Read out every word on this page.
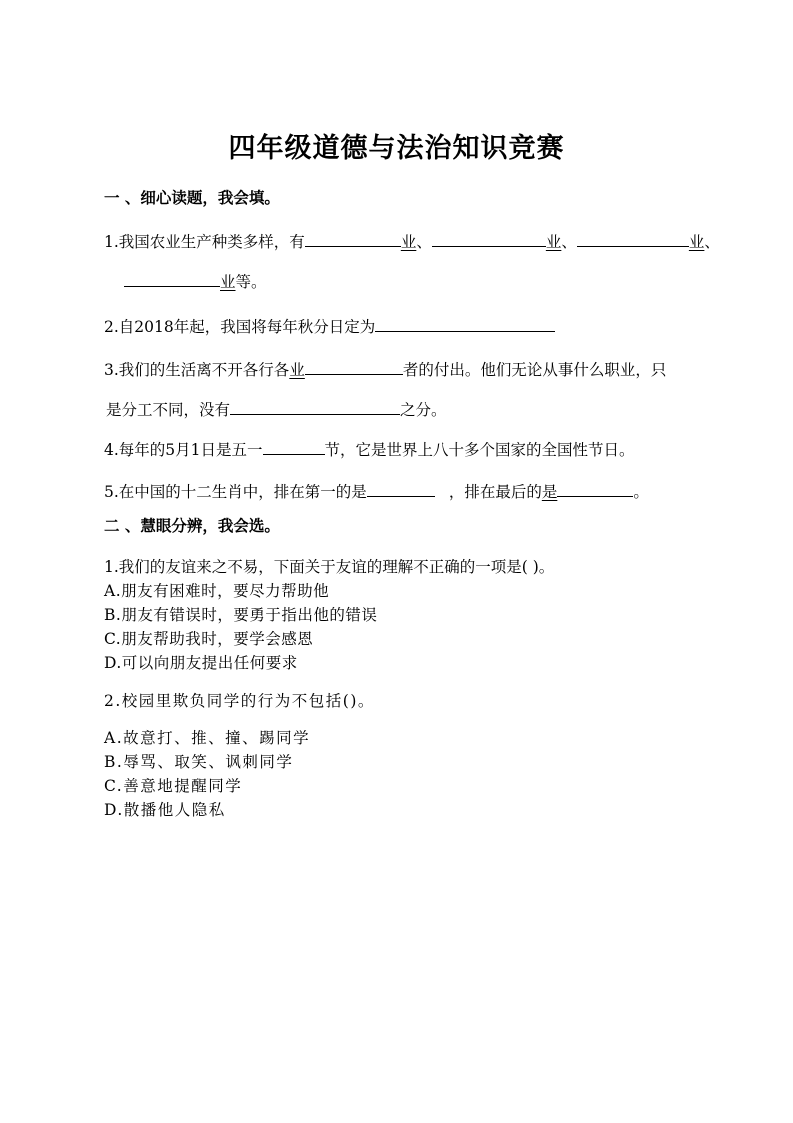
四年级道德与法治知识竞赛
一 、细心读题，我会填。
1.我国农业生产种类多样，有	业、	业、	业、
业等。
2.自2018年起，我国将每年秋分日定为
3.我们的生活离不开各行各业	者的付出。他们无论从事什么职业，只
是分工不同，没有	之分。
4.每年的5月1日是五一	节，它是世界上八十多个国家的全国性节日。
5.在中国的十二生肖中，排在第一的是	，排在最后的是	。
二 、慧眼分辨，我会选。
1.我们的友谊来之不易，下面关于友谊的理解不正确的一项是( )。
A.朋友有困难时，要尽力帮助他
B.朋友有错误时，要勇于指出他的错误
C.朋友帮助我时，要学会感恩
D.可以向朋友提出任何要求
2.校园里欺负同学的行为不包括()。
A.故意打、推、撞、踢同学
B.辱骂、取笑、讽刺同学
C.善意地提醒同学
D.散播他人隐私
